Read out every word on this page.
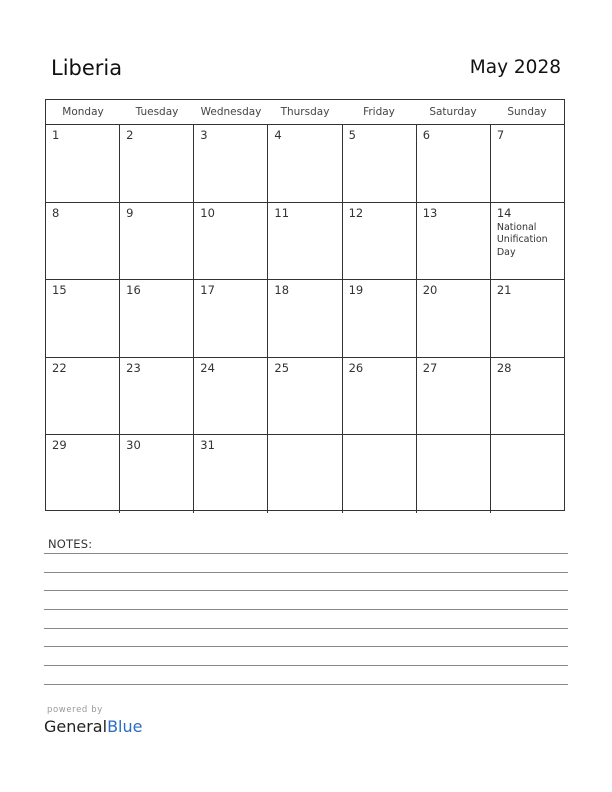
Liberia	May 2028
Monday	Tuesday	Wednesday	Thursday	Friday	Saturday	Sunday
1	2	3	4	5	6	7
8	9	10	11	12	13	14
National Unification Day
15	16	17	18	19	20	21
22	23	24	25	26	27	28
29	30	31
NOTES:
powered by
GeneralBlue
